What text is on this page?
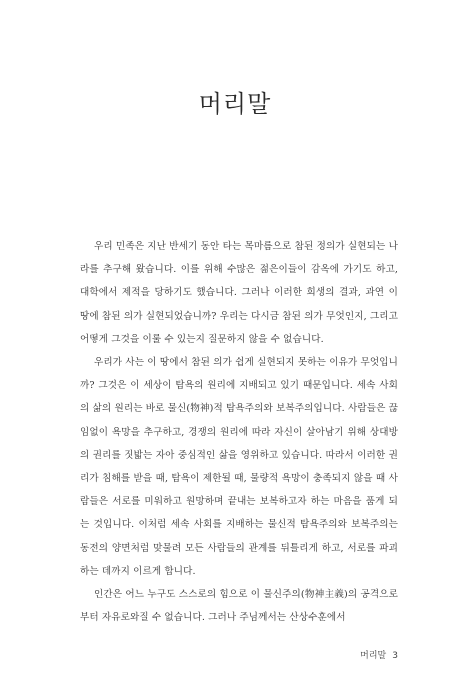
머리말

우리 민족은 지난 반세기 동안 타는 목마름으로 참된 정의가 실현되는 나라를 추구해 왔습니다. 이를 위해 수많은 젊은이들이 감옥에 가기도 하고, 대학에서 제적을 당하기도 했습니다. 그러나 이러한 희생의 결과, 과연 이 땅에 참된 의가 실현되었습니까? 우리는 다시금 참된 의가 무엇인지, 그리고 어떻게 그것을 이룰 수 있는지 질문하지 않을 수 없습니다.

우리가 사는 이 땅에서 참된 의가 쉽게 실현되지 못하는 이유가 무엇입니까? 그것은 이 세상이 탐욕의 원리에 지배되고 있기 때문입니다. 세속 사회의 삶의 원리는 바로 물신(物神)적 탐욕주의와 보복주의입니다. 사람들은 끊임없이 욕망을 추구하고, 경쟁의 원리에 따라 자신이 살아남기 위해 상대방의 권리를 짓밟는 자아 중심적인 삶을 영위하고 있습니다. 따라서 이러한 권리가 침해를 받을 때, 탐욕이 제한될 때, 물량적 욕망이 충족되지 않을 때 사람들은 서로를 미워하고 원망하며 끝내는 보복하고자 하는 마음을 품게 되는 것입니다. 이처럼 세속 사회를 지배하는 물신적 탐욕주의와 보복주의는 동전의 양면처럼 맞물려 모든 사람들의 관계를 뒤틀리게 하고, 서로를 파괴하는 데까지 이르게 합니다.

인간은 어느 누구도 스스로의 힘으로 이 물신주의(物神主義)의 공격으로부터 자유로와질 수 없습니다. 그러나 주님께서는 산상수훈에서

머리말 3
